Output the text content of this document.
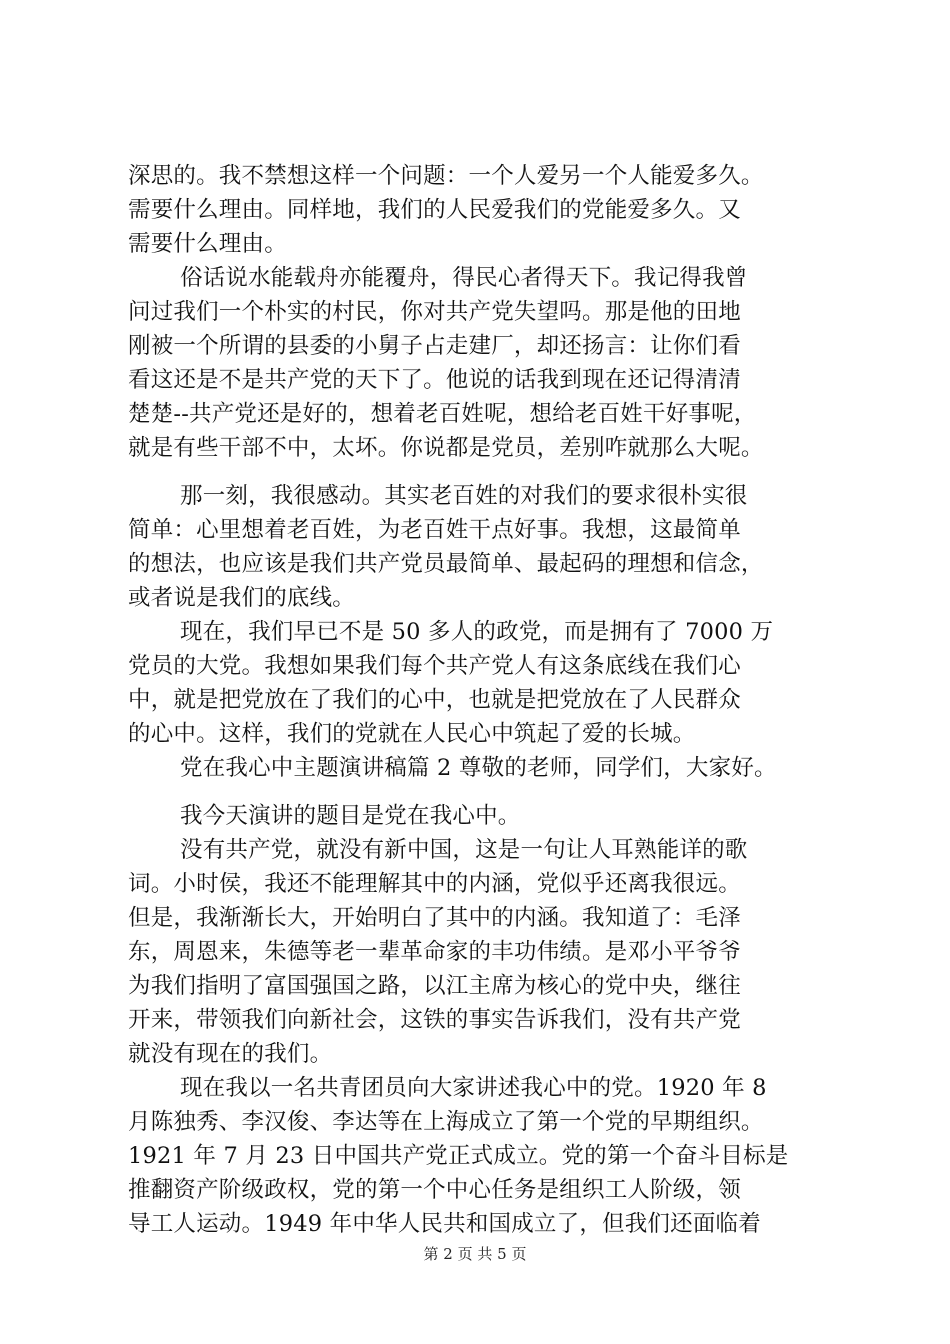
深思的。我不禁想这样一个问题：一个人爱另一个人能爱多久。
需要什么理由。同样地，我们的人民爱我们的党能爱多久。又
需要什么理由。
俗话说水能载舟亦能覆舟，得民心者得天下。我记得我曾
问过我们一个朴实的村民，你对共产党失望吗。那是他的田地
刚被一个所谓的县委的小舅子占走建厂，却还扬言：让你们看
看这还是不是共产党的天下了。他说的话我到现在还记得清清
楚楚--共产党还是好的，想着老百姓呢，想给老百姓干好事呢，
就是有些干部不中，太坏。你说都是党员，差别咋就那么大呢。
那一刻，我很感动。其实老百姓的对我们的要求很朴实很
简单：心里想着老百姓，为老百姓干点好事。我想，这最简单
的想法，也应该是我们共产党员最简单、最起码的理想和信念，
或者说是我们的底线。
现在，我们早已不是 50 多人的政党，而是拥有了 7000 万
党员的大党。我想如果我们每个共产党人有这条底线在我们心
中，就是把党放在了我们的心中，也就是把党放在了人民群众
的心中。这样，我们的党就在人民心中筑起了爱的长城。
党在我心中主题演讲稿篇 2 尊敬的老师，同学们，大家好。
我今天演讲的题目是党在我心中。
没有共产党，就没有新中国，这是一句让人耳熟能详的歌
词。小时侯，我还不能理解其中的内涵，党似乎还离我很远。
但是，我渐渐长大，开始明白了其中的内涵。我知道了：毛泽
东，周恩来，朱德等老一辈革命家的丰功伟绩。是邓小平爷爷
为我们指明了富国强国之路，以江主席为核心的党中央，继往
开来，带领我们向新社会，这铁的事实告诉我们，没有共产党
就没有现在的我们。
现在我以一名共青团员向大家讲述我心中的党。1920 年 8
月陈独秀、李汉俊、李达等在上海成立了第一个党的早期组织。
1921 年 7 月 23 日中国共产党正式成立。党的第一个奋斗目标是
推翻资产阶级政权，党的第一个中心任务是组织工人阶级，领
导工人运动。1949 年中华人民共和国成立了，但我们还面临着
第 2 页 共 5 页
